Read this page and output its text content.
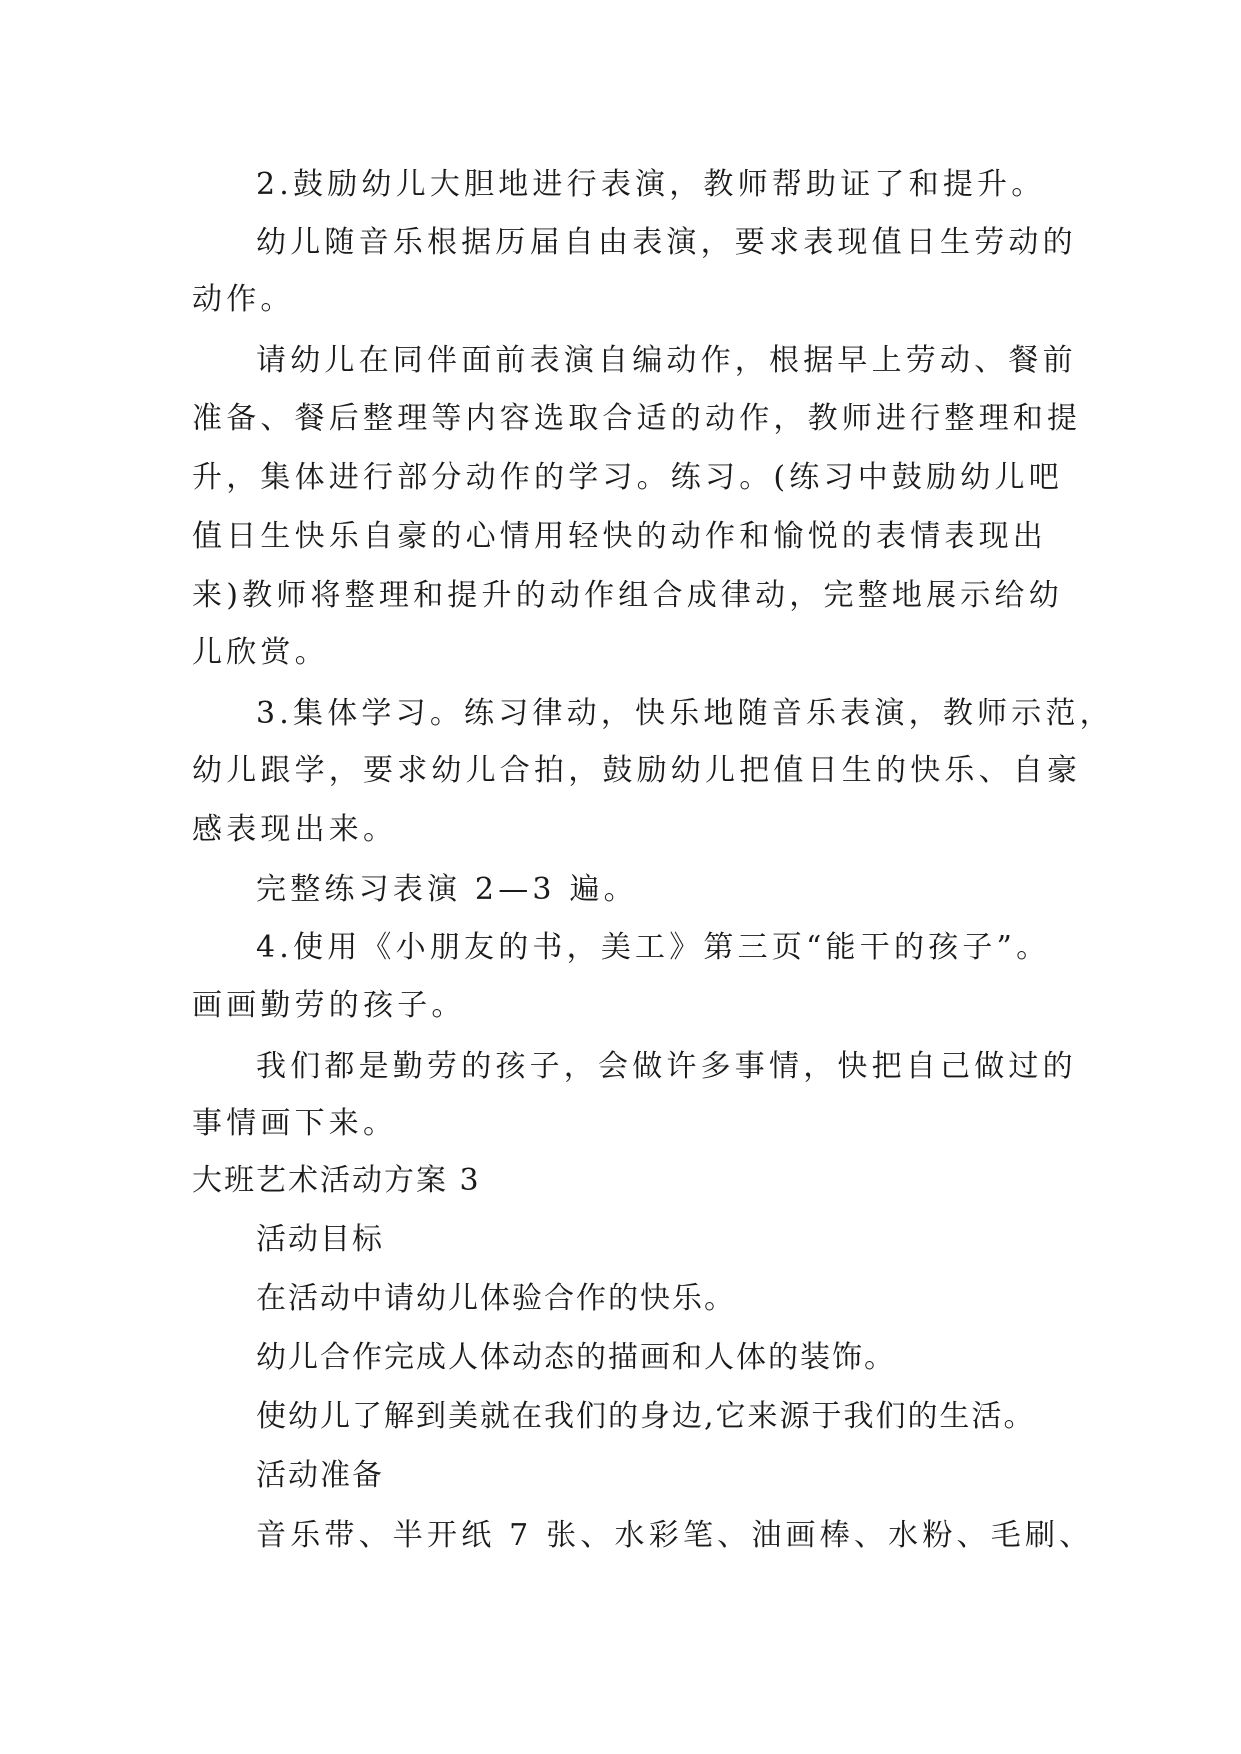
2.鼓励幼儿大胆地进行表演，教师帮助证了和提升。
幼儿随音乐根据历届自由表演，要求表现值日生劳动的
动作。
请幼儿在同伴面前表演自编动作，根据早上劳动、餐前
准备、餐后整理等内容选取合适的动作，教师进行整理和提
升，集体进行部分动作的学习。练习。(练习中鼓励幼儿吧
值日生快乐自豪的心情用轻快的动作和愉悦的表情表现出
来)教师将整理和提升的动作组合成律动，完整地展示给幼
儿欣赏。
3.集体学习。练习律动，快乐地随音乐表演，教师示范，
幼儿跟学，要求幼儿合拍，鼓励幼儿把值日生的快乐、自豪
感表现出来。
完整练习表演 2—3 遍。
4.使用《小朋友的书，美工》第三页“能干的孩子”。
画画勤劳的孩子。
我们都是勤劳的孩子，会做许多事情，快把自己做过的
事情画下来。
大班艺术活动方案 3
活动目标
在活动中请幼儿体验合作的快乐。
幼儿合作完成人体动态的描画和人体的装饰。
使幼儿了解到美就在我们的身边,它来源于我们的生活。
活动准备
音乐带、半开纸 7 张、水彩笔、油画棒、水粉、毛刷、
